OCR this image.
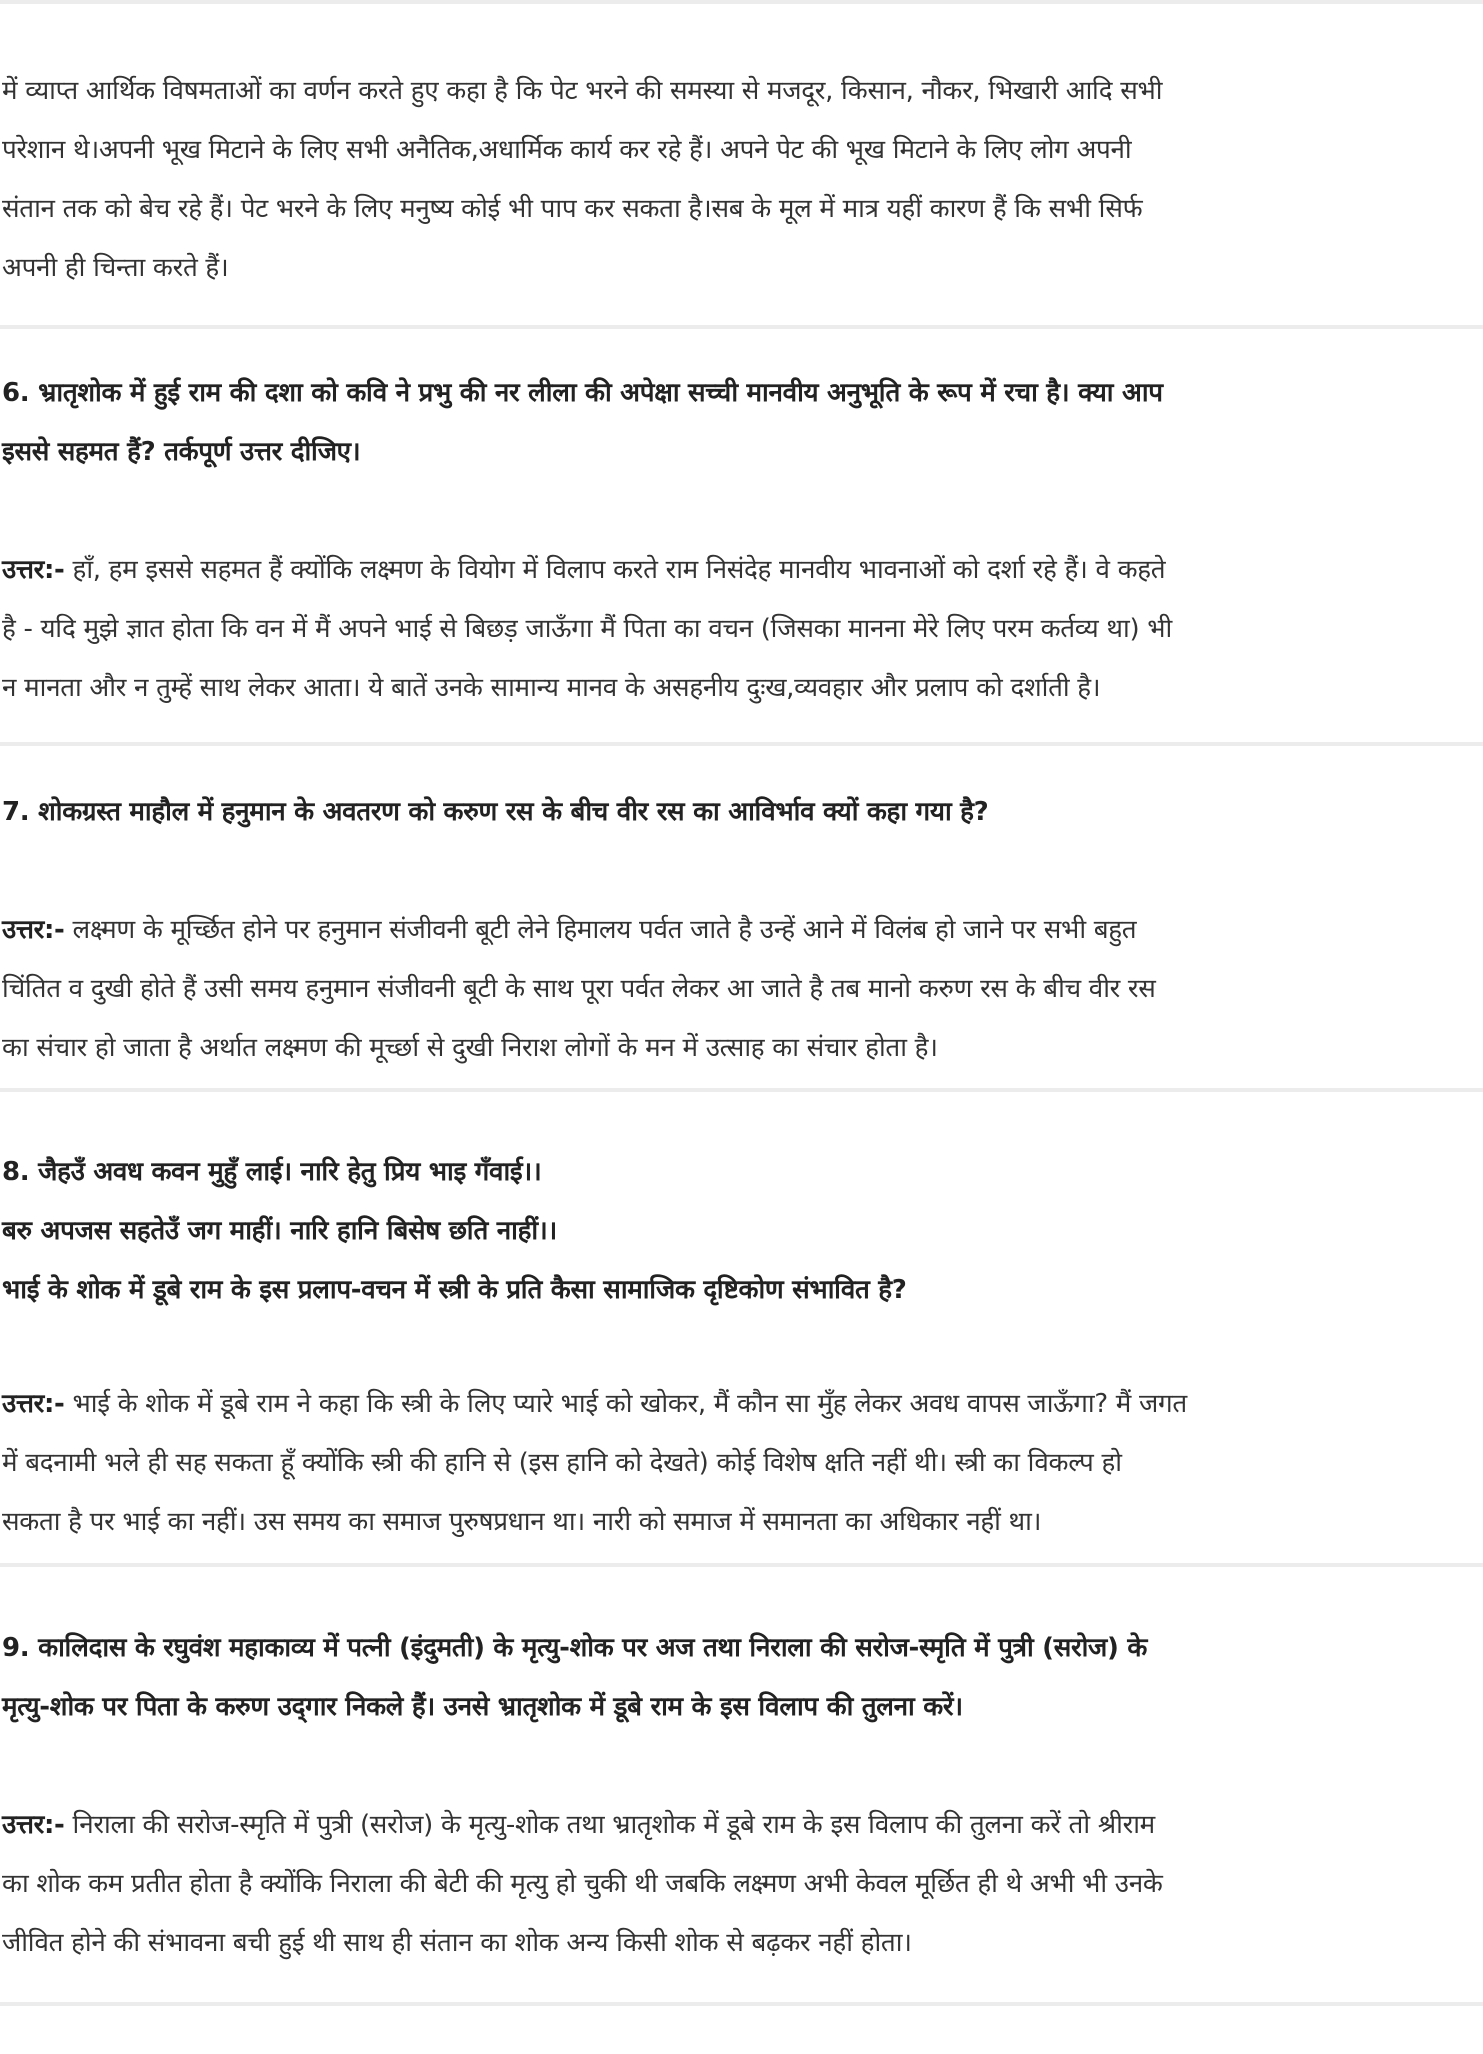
में व्याप्त आर्थिक विषमताओं का वर्णन करते हुए कहा है कि पेट भरने की समस्या से मजदूर, किसान, नौकर, भिखारी आदि सभी
परेशान थे।अपनी भूख मिटाने के लिए सभी अनैतिक,अधार्मिक कार्य कर रहे हैं। अपने पेट की भूख मिटाने के लिए लोग अपनी
संतान तक को बेच रहे हैं। पेट भरने के लिए मनुष्य कोई भी पाप कर सकता है।सब के मूल में मात्र यहीं कारण हैं कि सभी सिर्फ
अपनी ही चिन्ता करते हैं।
6. भ्रातृशोक में हुई राम की दशा को कवि ने प्रभु की नर लीला की अपेक्षा सच्ची मानवीय अनुभूति के रूप में रचा है। क्या आप
इससे सहमत हैं? तर्कपूर्ण उत्तर दीजिए।
उत्तर:- हाँ, हम इससे सहमत हैं क्योंकि लक्ष्मण के वियोग में विलाप करते राम निसंदेह मानवीय भावनाओं को दर्शा रहे हैं। वे कहते
है - यदि मुझे ज्ञात होता कि वन में मैं अपने भाई से बिछड़ जाऊँगा मैं पिता का वचन (जिसका मानना मेरे लिए परम कर्तव्य था) भी
न मानता और न तुम्हें साथ लेकर आता। ये बातें उनके सामान्य मानव के असहनीय दुःख,व्यवहार और प्रलाप को दर्शाती है।
7. शोकग्रस्त माहौल में हनुमान के अवतरण को करुण रस के बीच वीर रस का आविर्भाव क्यों कहा गया है?
उत्तर:- लक्ष्मण के मूर्च्छित होने पर हनुमान संजीवनी बूटी लेने हिमालय पर्वत जाते है उन्हें आने में विलंब हो जाने पर सभी बहुत
चिंतित व दुखी होते हैं उसी समय हनुमान संजीवनी बूटी के साथ पूरा पर्वत लेकर आ जाते है तब मानो करुण रस के बीच वीर रस
का संचार हो जाता है अर्थात लक्ष्मण की मूर्च्छा से दुखी निराश लोगों के मन में उत्साह का संचार होता है।
8. जैहउँ अवध कवन मुहुँ लाई। नारि हेतु प्रिय भाइ गँवाई।।
बरु अपजस सहतेउँ जग माहीं। नारि हानि बिसेष छति नाहीं।।
भाई के शोक में डूबे राम के इस प्रलाप-वचन में स्त्री के प्रति कैसा सामाजिक दृष्टिकोण संभावित है?
उत्तर:- भाई के शोक में डूबे राम ने कहा कि स्त्री के लिए प्यारे भाई को खोकर, मैं कौन सा मुँह लेकर अवध वापस जाऊँगा? मैं जगत
में बदनामी भले ही सह सकता हूँ क्योंकि स्त्री की हानि से (इस हानि को देखते) कोई विशेष क्षति नहीं थी। स्त्री का विकल्प हो
सकता है पर भाई का नहीं। उस समय का समाज पुरुषप्रधान था। नारी को समाज में समानता का अधिकार नहीं था।
9. कालिदास के रघुवंश महाकाव्य में पत्नी (इंदुमती) के मृत्यु-शोक पर अज तथा निराला की सरोज-स्मृति में पुत्री (सरोज) के
मृत्यु-शोक पर पिता के करुण उद्‌गार निकले हैं। उनसे भ्रातृशोक में डूबे राम के इस विलाप की तुलना करें।
उत्तर:- निराला की सरोज-स्मृति में पुत्री (सरोज) के मृत्यु-शोक तथा भ्रातृशोक में डूबे राम के इस विलाप की तुलना करें तो श्रीराम
का शोक कम प्रतीत होता है क्योंकि निराला की बेटी की मृत्यु हो चुकी थी जबकि लक्ष्मण अभी केवल मूर्छित ही थे अभी भी उनके
जीवित होने की संभावना बची हुई थी साथ ही संतान का शोक अन्य किसी शोक से बढ़कर नहीं होता।
